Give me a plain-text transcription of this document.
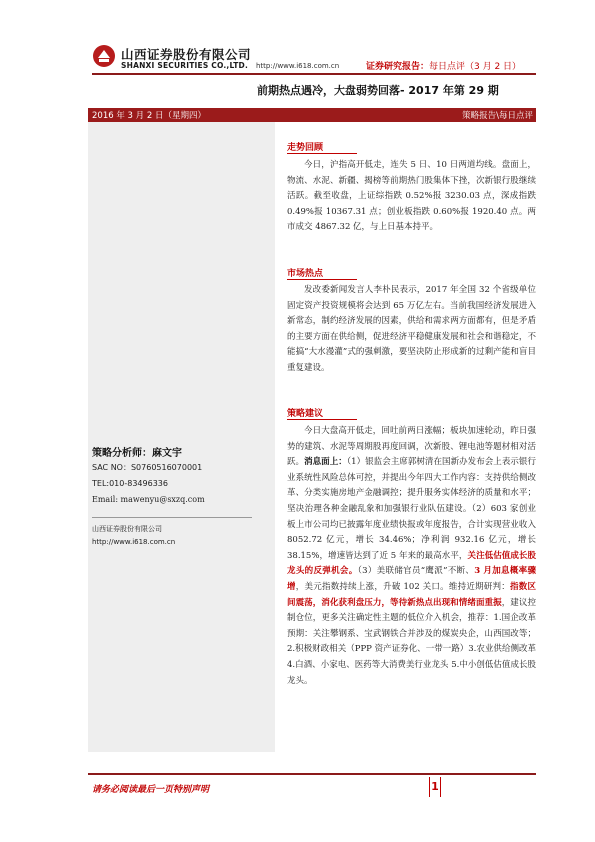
山西证券股份有限公司
SHANXI SECURITIES CO.,LTD. http://www.i618.com.cn	证券研究报告：每日点评（3 月 2 日）
前期热点遇冷，大盘弱势回落- 2017 年第 29 期
2016 年 3 月 2 日（星期四）	策略报告\每日点评
策略分析师：麻文宇
SAC NO：S0760516070001
TEL:010-83496336
Email: mawenyu@sxzq.com
山西证券股份有限公司
http://www.i618.com.cn
走势回顾
今日，沪指高开低走，连失 5 日、10 日两道均线。盘面上，物流、水泥、新疆、揭榜等前期热门股集体下挫，次新银行股继续活跃。截至收盘，上证综指跌 0.52%报 3230.03 点，深成指跌 0.49%报 10367.31 点；创业板指跌 0.60%报 1920.40 点。两市成交 4867.32 亿，与上日基本持平。
市场热点
发改委新闻发言人李朴民表示，2017 年全国 32 个省级单位固定资产投资规模将会达到 65 万亿左右。当前我国经济发展进入新常态，制约经济发展的因素，供给和需求两方面都有，但是矛盾的主要方面在供给侧，促进经济平稳健康发展和社会和谐稳定，不能搞“大水漫灌”式的强刺激，要坚决防止形成新的过剩产能和盲目重复建设。
策略建议
今日大盘高开低走，回吐前两日涨幅；板块加速轮动，昨日强势的建筑、水泥等周期股再度回调，次新股、锂电池等题材相对活跃。消息面上：（1）银监会主席郭树清在国新办发布会上表示银行业系统性风险总体可控，并提出今年四大工作内容：支持供给侧改革、分类实施房地产金融调控；提升服务实体经济的质量和水平；坚决治理各种金融乱象和加强银行业队伍建设。（2）603 家创业板上市公司均已披露年度业绩快报或年度报告，合计实现营业收入 8052.72 亿元，增长 34.46%；净利润 932.16 亿元，增长 38.15%，增速皆达到了近 5 年来的最高水平，关注低估值成长股龙头的反弹机会。（3）美联储官员“鹰派”不断、3 月加息概率骤增，美元指数持续上涨，升破 102 关口。维持近期研判：指数区间震荡，消化获利盘压力，等待新热点出现和情绪面重振，建议控制仓位，更多关注确定性主题的低位介入机会，推荐：1.国企改革预期：关注攀钢系、宝武钢铁合并涉及的煤炭央企，山西国改等；2.积极财政相关（PPP 资产证券化、一带一路）3.农业供给侧改革 4.白酒、小家电、医药等大消费美行业龙头 5.中小创低估值成长股龙头。
请务必阅读最后一页特别声明	1
